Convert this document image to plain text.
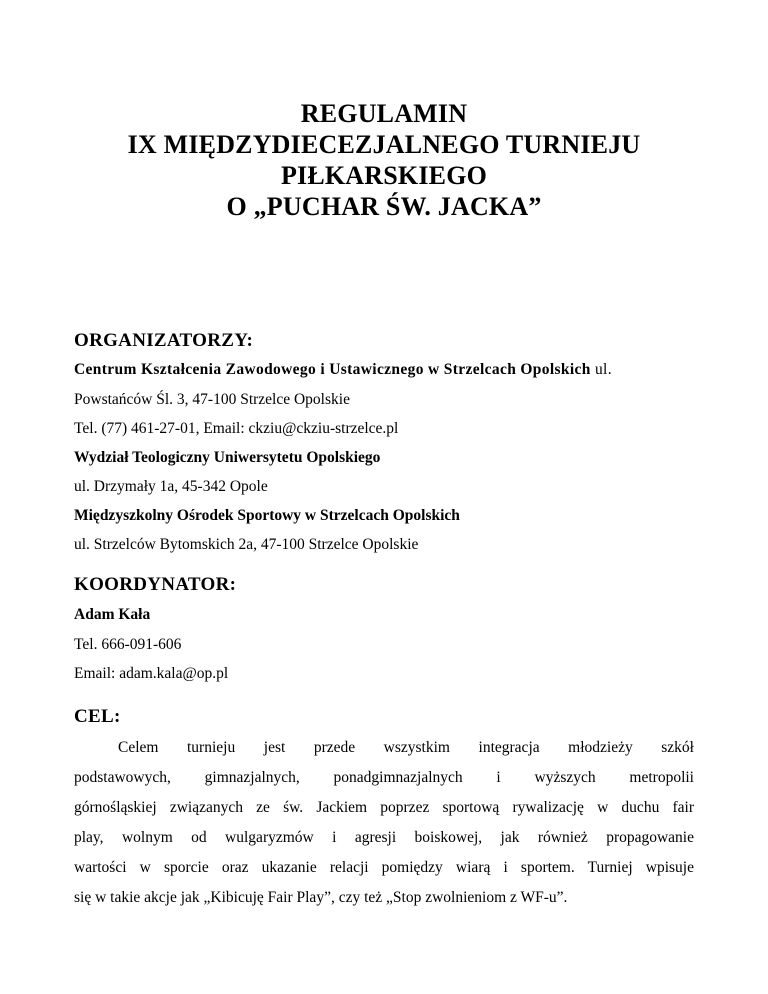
REGULAMIN
IX MIĘDZYDIECEZJALNEGO TURNIEJU
PIŁKARSKIEGO
O „PUCHAR ŚW. JACKA”
ORGANIZATORZY:
Centrum Kształcenia Zawodowego i Ustawicznego w Strzelcach Opolskich ul.
Powstańców Śl. 3, 47-100 Strzelce Opolskie
Tel. (77) 461-27-01, Email: ckziu@ckziu-strzelce.pl
Wydział Teologiczny Uniwersytetu Opolskiego
ul. Drzymały 1a, 45-342 Opole
Międzyszkolny Ośrodek Sportowy w Strzelcach Opolskich
ul. Strzelców Bytomskich 2a, 47-100 Strzelce Opolskie
KOORDYNATOR:
Adam Kała
Tel. 666-091-606
Email: adam.kala@op.pl
CEL:
Celem turnieju jest przede wszystkim integracja młodzieży szkół
podstawowych, gimnazjalnych, ponadgimnazjalnych i wyższych metropolii
górnośląskiej związanych ze św. Jackiem poprzez sportową rywalizację w duchu fair
play, wolnym od wulgaryzmów i agresji boiskowej, jak również propagowanie
wartości w sporcie oraz ukazanie relacji pomiędzy wiarą i sportem. Turniej wpisuje
się w takie akcje jak „Kibicuję Fair Play”, czy też „Stop zwolnieniom z WF-u”.
